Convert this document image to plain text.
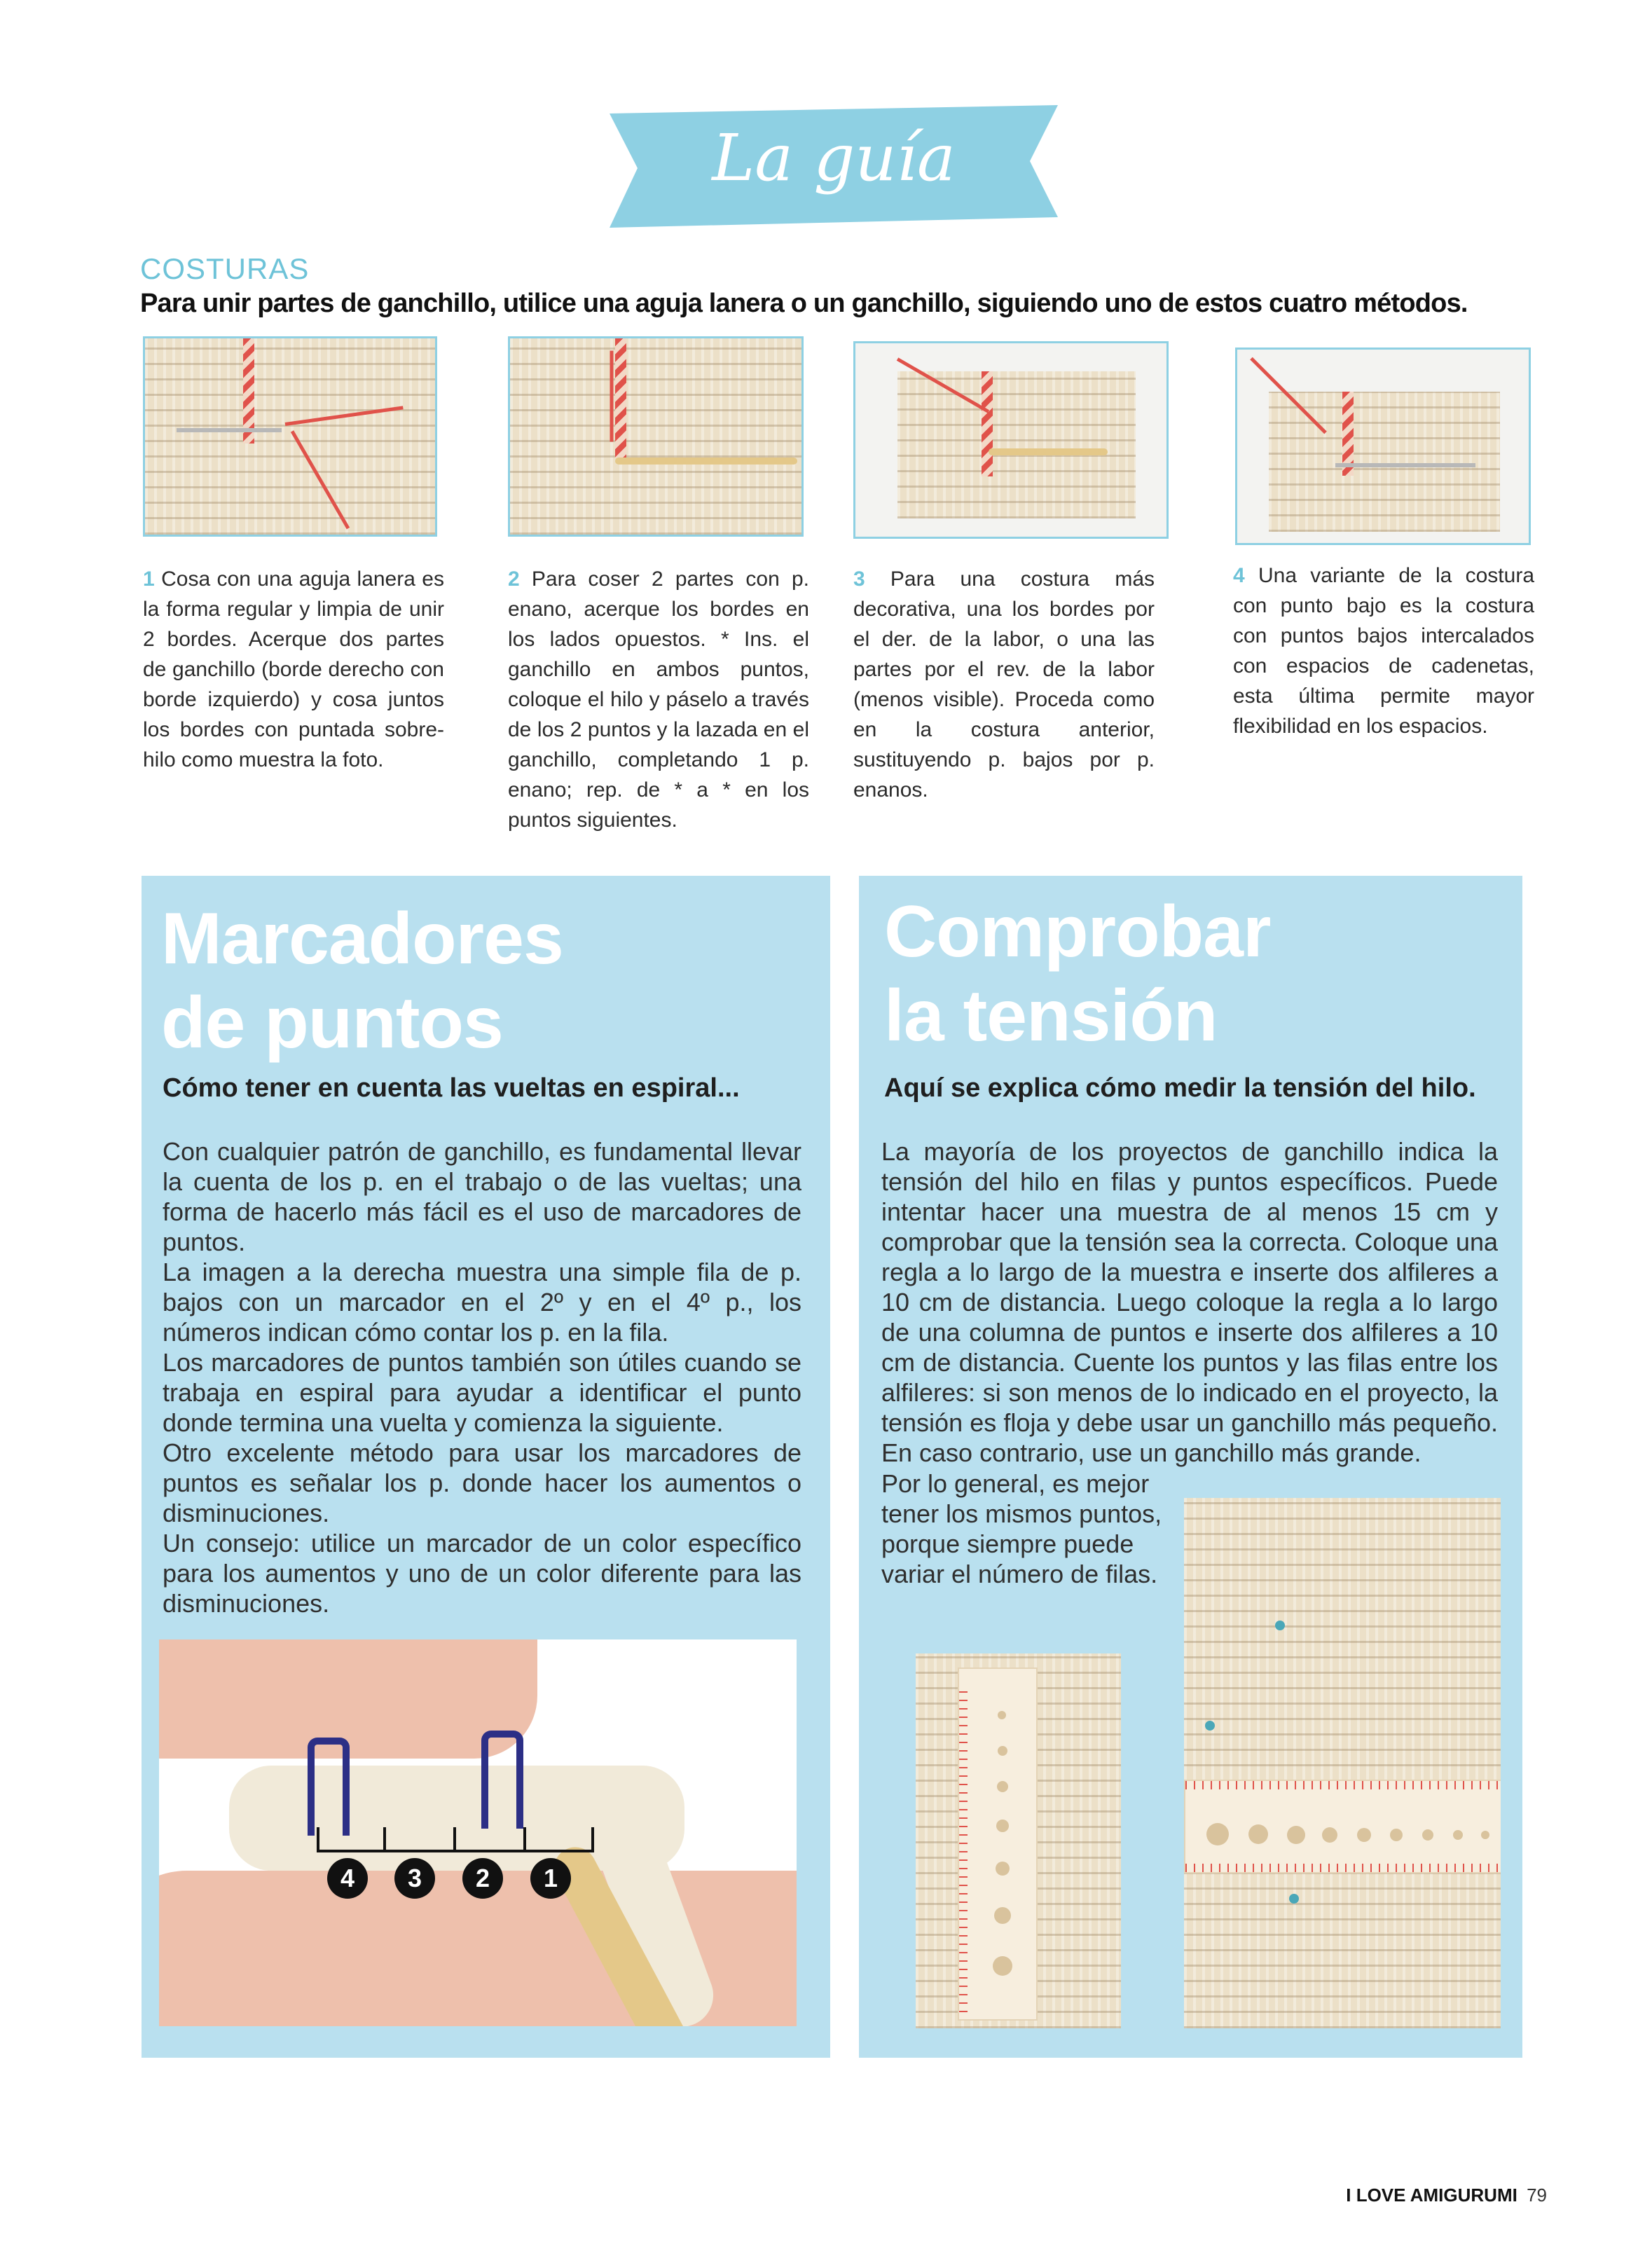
La guía
COSTURAS
Para unir partes de ganchillo, utilice una aguja lanera o un ganchillo, siguiendo uno de estos cuatro métodos.
1 Cosa con una aguja lanera es la forma regular y limpia de unir 2 bordes. Acerque dos partes de ganchillo (borde derecho con borde izquierdo) y cosa juntos los bordes con puntada sobre-hilo como muestra la foto.
2 Para coser 2 partes con p. enano, acerque los bordes en los lados opuestos. * Ins. el ganchillo en ambos puntos, coloque el hilo y páselo a través de los 2 puntos y la lazada en el ganchillo, completando 1 p. enano; rep. de * a * en los puntos siguientes.
3 Para una costura más decorativa, una los bordes por el der. de la labor, o una las partes por el rev. de la labor (menos visible). Proceda como en la costura anterior, sustituyendo p. bajos por p. enanos.
4 Una variante de la costura con punto bajo es la costura con puntos bajos intercalados con espacios de cadenetas, esta última permite mayor flexibilidad en los espacios.
Marcadores
de puntos
Cómo tener en cuenta las vueltas en espiral...
Con cualquier patrón de ganchillo, es fundamental llevar la cuenta de los p. en el trabajo o de las vueltas; una forma de hacerlo más fácil es el uso de marcadores de puntos.
La imagen a la derecha muestra una simple fila de p. bajos con un marcador en el 2º y en el 4º p., los números indican cómo contar los p. en la fila.
Los marcadores de puntos también son útiles cuando se trabaja en espiral para ayudar a identificar el punto donde termina una vuelta y comienza la siguiente.
Otro excelente método para usar los marcadores de puntos es señalar los p. donde hacer los aumentos o disminuciones.
Un consejo: utilice un marcador de un color específico para los aumentos y uno de un color diferente para las disminuciones.
4	3	2	1
Comprobar
la tensión
Aquí se explica cómo medir la tensión del hilo.
La mayoría de los proyectos de ganchillo indica la tensión del hilo en filas y puntos específicos. Puede intentar hacer una muestra de al menos 15 cm y comprobar que la tensión sea la correcta. Coloque una regla a lo largo de la muestra e inserte dos alfileres a 10 cm de distancia. Luego coloque la regla a lo largo de una columna de puntos e inserte dos alfileres a 10 cm de distancia. Cuente los puntos y las filas entre los alfileres: si son menos de lo indicado en el proyecto, la tensión es floja y debe usar un ganchillo más pequeño. En caso contrario, use un ganchillo más grande.
Por lo general, es mejor tener los mismos puntos, porque siempre puede variar el número de filas.
I LOVE AMIGURUMI 79
